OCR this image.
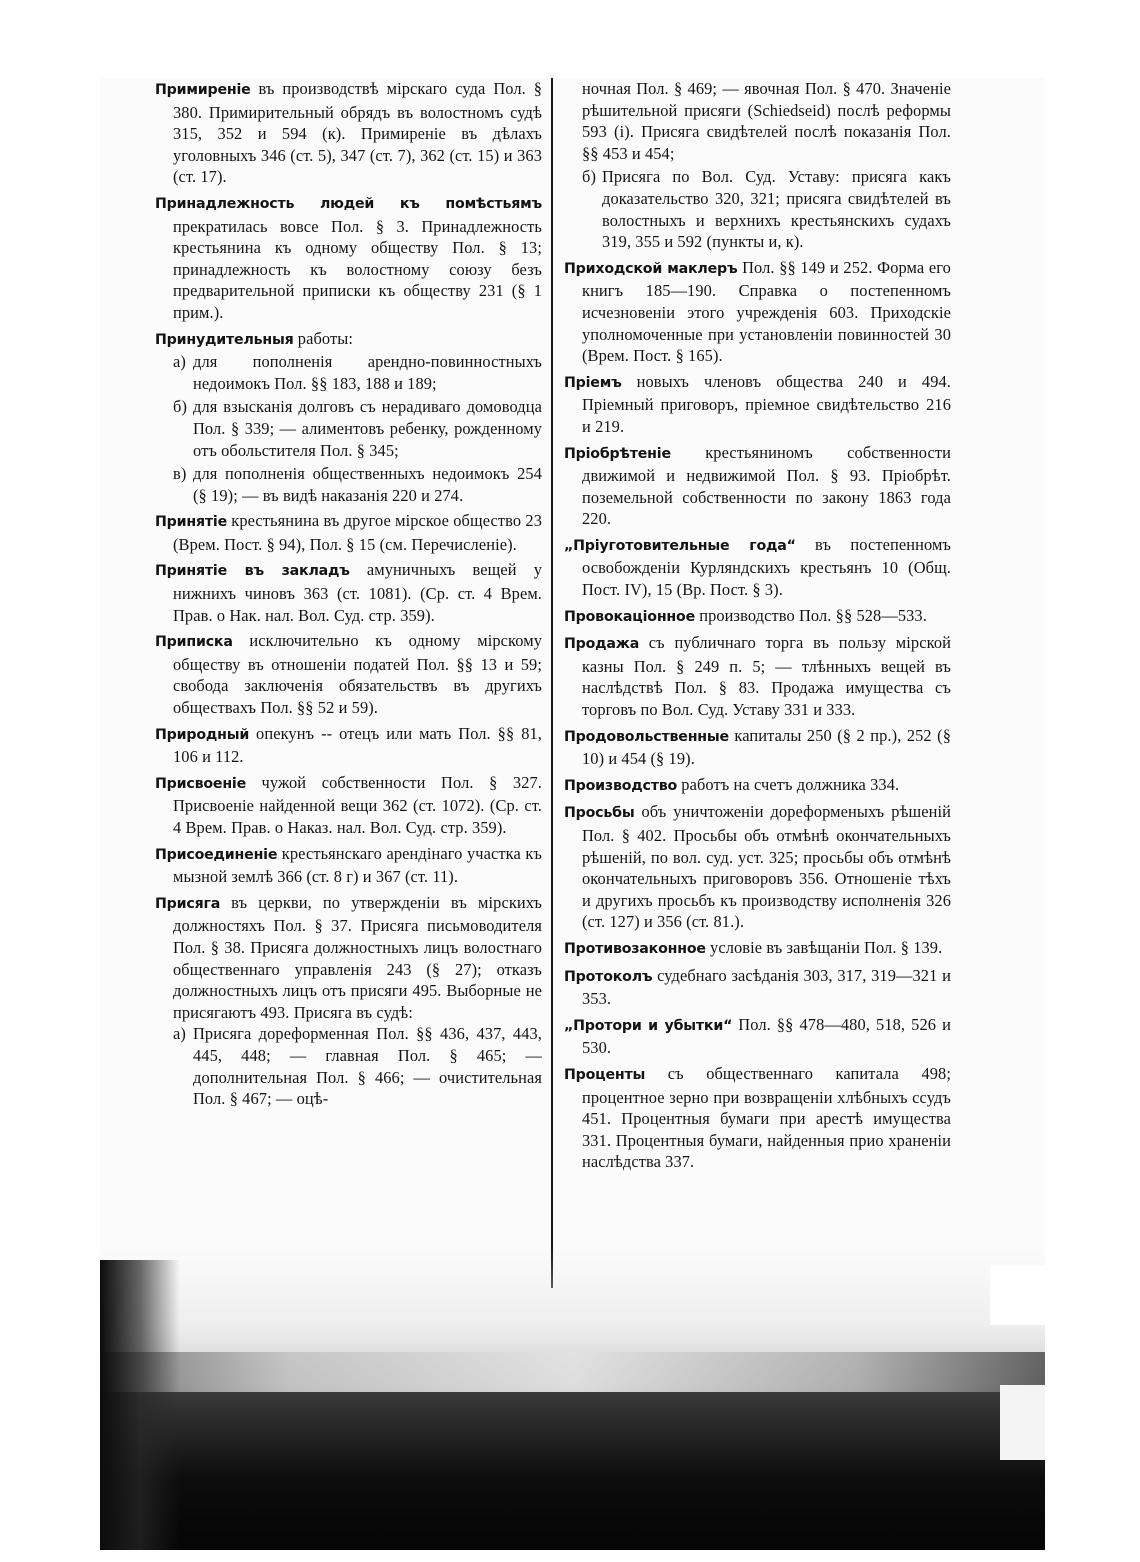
Примиреніе въ производствѣ мірскаго суда Пол. § 380. Примирительный обрядъ въ волостномъ судѣ 315, 352 и 594 (к). Примиреніе въ дѣлахъ уголовныхъ 346 (ст. 5), 347 (ст. 7), 362 (ст. 15) и 363 (ст. 17).

Принадлежность людей къ помѣстьямъ прекратилась вовсе Пол. § 3. Принадлежность крестьянина къ одному обществу Пол. § 13; принадлежность къ волостному союзу безъ предварительной приписки къ обществу 231 (§ 1 прим.).

Принудительныя работы:

а) для пополненія арендно-повинностныхъ недоимокъ Пол. §§ 183, 188 и 189;

б) для взысканія долговъ съ нерадиваго домоводца Пол. § 339; — алиментовъ ребенку, рожденному отъ обольстителя Пол. § 345;

в) для пополненія общественныхъ недоимокъ 254 (§ 19); — въ видѣ наказанія 220 и 274.

Принятіе крестьянина въ другое мірское общество 23 (Врем. Пост. § 94), Пол. § 15 (см. Перечисленіе).

Принятіе въ закладъ амуничныхъ вещей у нижнихъ чиновъ 363 (ст. 1081). (Ср. ст. 4 Врем. Прав. о Нак. нал. Вол. Суд. стр. 359).

Приписка исключительно къ одному мірскому обществу въ отношеніи податей Пол. §§ 13 и 59; свобода заключенія обязательствъ въ другихъ обществахъ Пол. §§ 52 и 59).

Природный опекунъ -- отецъ или мать Пол. §§ 81, 106 и 112.

Присвоеніе чужой собственности Пол. § 327. Присвоеніе найденной вещи 362 (ст. 1072). (Ср. ст. 4 Врем. Прав. о Наказ. нал. Вол. Суд. стр. 359).

Присоединеніе крестьянскаго арендiнаго участка къ мызной землѣ 366 (ст. 8 г) и 367 (ст. 11).

Присяга въ церкви, по утвержденіи въ мірскихъ должностяхъ Пол. § 37. Присяга письмоводителя Пол. § 38. Присяга должностныхъ лицъ волостнаго общественнаго управленія 243 (§ 27); отказъ должностныхъ лицъ отъ присяги 495. Выборные не присягаютъ 493. Присяга въ судѣ:

а) Присяга дореформенная Пол. §§ 436, 437, 443, 445, 448; — главная Пол. § 465; — дополнительная Пол. § 466; — очистительная Пол. § 467; — оцѣ-

ночная Пол. § 469; — явочная Пол. § 470. Значеніе рѣшительной присяги (Schiedseid) послѣ реформы 593 (i). Присяга свидѣтелей послѣ показанія Пол. §§ 453 и 454;

б) Присяга по Вол. Суд. Уставу: присяга какъ доказательство 320, 321; присяга свидѣтелей въ волостныхъ и верхнихъ крестьянскихъ судахъ 319, 355 и 592 (пункты и, к).

Приходской маклеръ Пол. §§ 149 и 252. Форма его книгъ 185—190. Справка о постепенномъ исчезновеніи этого учрежденія 603. Приходскіе уполномоченные при установленіи повинностей 30 (Врем. Пост. § 165).

Пріемъ новыхъ членовъ общества 240 и 494. Пріемный приговоръ, пріемное свидѣтельство 216 и 219.

Пріобрѣтеніе крестьяниномъ собственности движимой и недвижимой Пол. § 93. Пріобрѣт. поземельной собственности по закону 1863 года 220.

„Пріуготовительные года“ въ постепенномъ освобожденіи Курляндскихъ крестьянъ 10 (Общ. Пост. IV), 15 (Вр. Пост. § 3).

Провокаціонное производство Пол. §§ 528—533.

Продажа съ публичнаго торга въ пользу мірской казны Пол. § 249 п. 5; — тлѣнныхъ вещей въ наслѣдствѣ Пол. § 83. Продажа имущества съ торговъ по Вол. Суд. Уставу 331 и 333.

Продовольственные капиталы 250 (§ 2 пр.), 252 (§ 10) и 454 (§ 19).

Производство работъ на счетъ должника 334.

Просьбы объ уничтоженіи дореформеныхъ рѣшеній Пол. § 402. Просьбы объ отмѣнѣ окончательныхъ рѣшеній, по вол. суд. уст. 325; просьбы объ отмѣнѣ окончательныхъ приговоровъ 356. Отношеніе тѣхъ и другихъ просьбъ къ производству исполненія 326 (ст. 127) и 356 (ст. 81.).

Противозаконное условіе въ завѣщаніи Пол. § 139.

Протоколъ судебнаго засѣданія 303, 317, 319—321 и 353.

„Протори и убытки“ Пол. §§ 478—480, 518, 526 и 530.

Проценты съ общественнаго капитала 498; процентное зерно при возвращеніи хлѣбныхъ ссудъ 451. Процентныя бумаги при арестѣ имущества 331. Процентныя бумаги, найденныя прио храненіи наслѣдства 337.
